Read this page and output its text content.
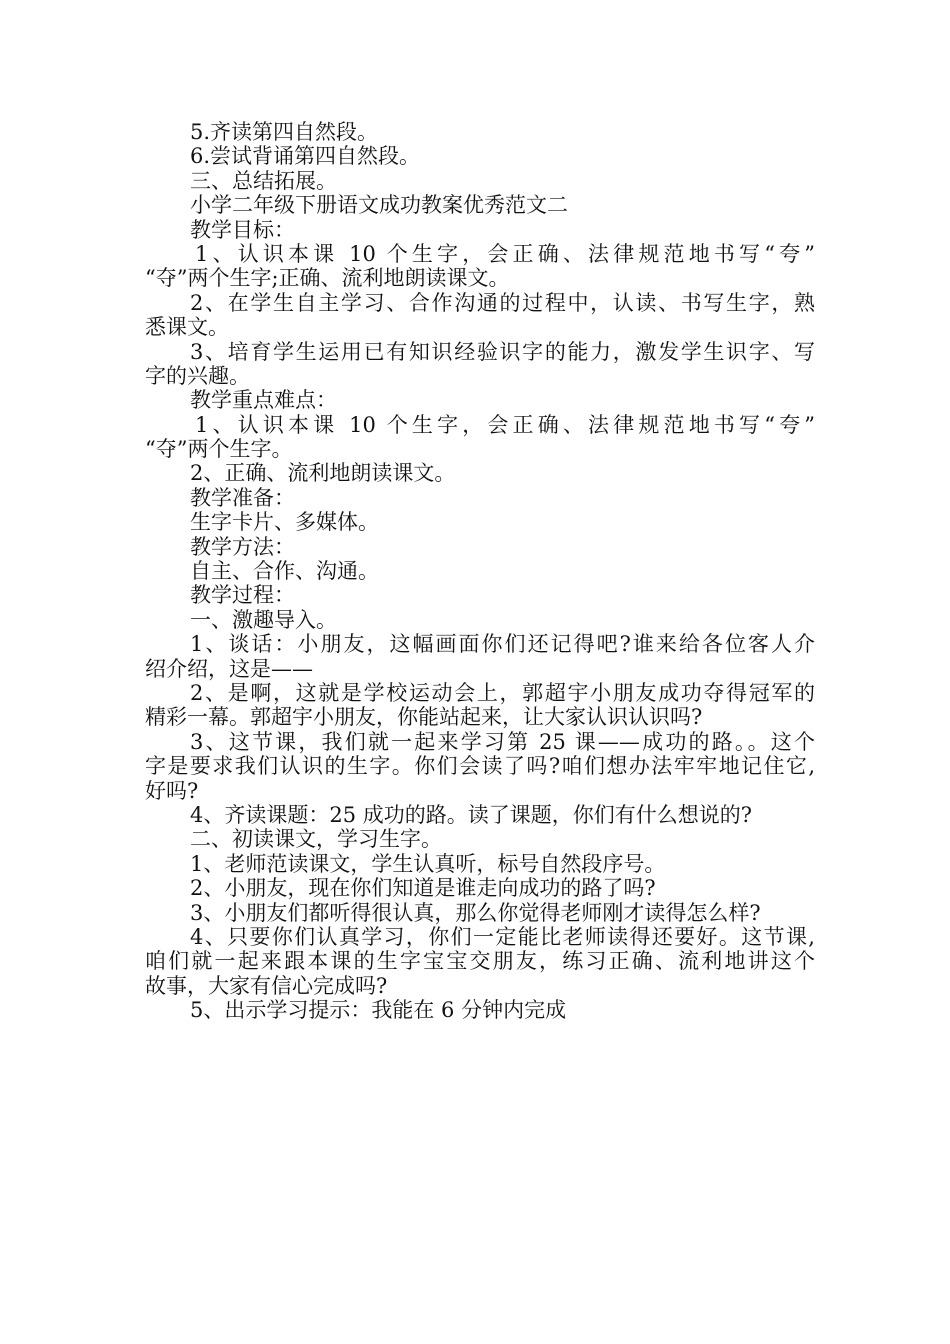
5.齐读第四自然段。
6.尝试背诵第四自然段。
三、总结拓展。
小学二年级下册语文成功教案优秀范文二
教学目标：
1、认识本课 10 个生字，会正确、法律规范地书写“夸”
“夺”两个生字;正确、流利地朗读课文。
2、在学生自主学习、合作沟通的过程中，认读、书写生字，熟
悉课文。
3、培育学生运用已有知识经验识字的能力，激发学生识字、写
字的兴趣。
教学重点难点：
1、认识本课 10 个生字，会正确、法律规范地书写“夸”
“夺”两个生字。
2、正确、流利地朗读课文。
教学准备：
生字卡片、多媒体。
教学方法：
自主、合作、沟通。
教学过程：
一、激趣导入。
1、谈话：小朋友，这幅画面你们还记得吧?谁来给各位客人介
绍介绍，这是——
2、是啊，这就是学校运动会上，郭超宇小朋友成功夺得冠军的
精彩一幕。郭超宇小朋友，你能站起来，让大家认识认识吗?
3、这节课，我们就一起来学习第 25 课——成功的路。。这个
字是要求我们认识的生字。你们会读了吗?咱们想办法牢牢地记住它,
好吗?
4、齐读课题：25 成功的路。读了课题，你们有什么想说的?
二、初读课文，学习生字。
1、老师范读课文，学生认真听，标号自然段序号。
2、小朋友，现在你们知道是谁走向成功的路了吗?
3、小朋友们都听得很认真，那么你觉得老师刚才读得怎么样?
4、只要你们认真学习，你们一定能比老师读得还要好。这节课,
咱们就一起来跟本课的生字宝宝交朋友，练习正确、流利地讲这个
故事，大家有信心完成吗?
5、出示学习提示：我能在 6 分钟内完成
